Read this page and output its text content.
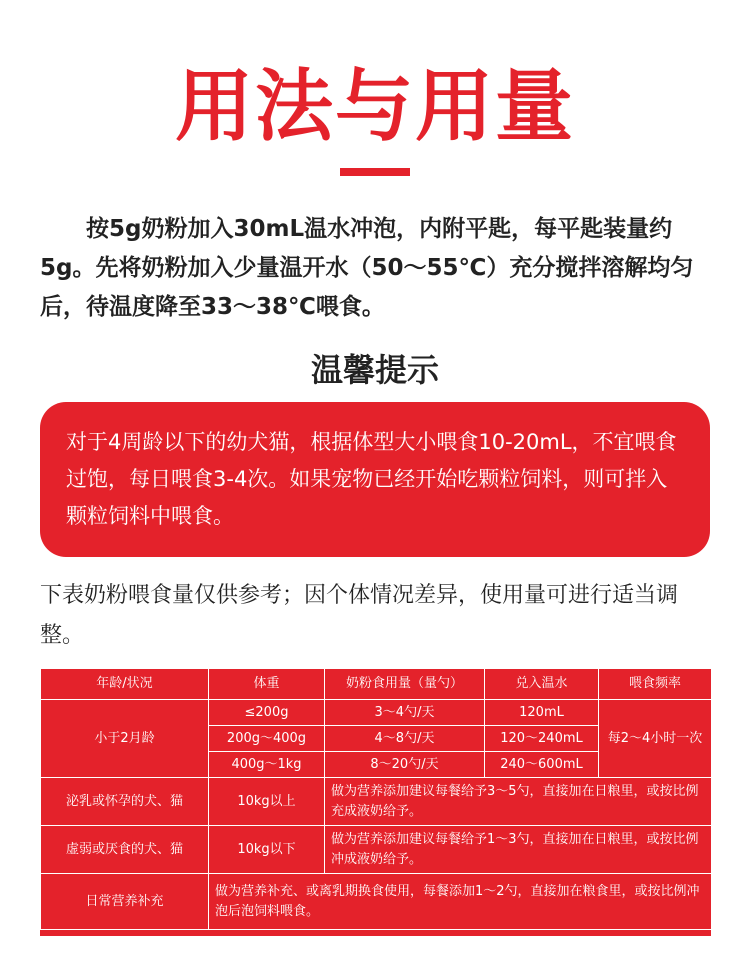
用法与用量

　　按5g奶粉加入30mL温水冲泡，内附平匙，每平匙装量约5g。先将奶粉加入少量温开水（50～55℃）充分搅拌溶解均匀后，待温度降至33～38℃喂食。

温馨提示

对于4周龄以下的幼犬猫，根据体型大小喂食10-20mL，不宜喂食过饱，每日喂食3-4次。如果宠物已经开始吃颗粒饲料，则可拌入颗粒饲料中喂食。

下表奶粉喂食量仅供参考；因个体情况差异，使用量可进行适当调整。
年龄/状况	体重	奶粉食用量（量勺）	兑入温水	喂食频率
小于2月龄	≤200g	3～4勺/天	120mL	每2～4小时一次
	200g～400g	4～8勺/天	120～240mL	
	400g～1kg	8～20勺/天	240～600mL	
泌乳或怀孕的犬、猫	10kg以上	做为营养添加建议每餐给予3～5勺，直接加在日粮里，或按比例充成液奶给予。		
虚弱或厌食的犬、猫	10kg以下	做为营养添加建议每餐给予1～3勺，直接加在日粮里，或按比例冲成液奶给予。		
日常营养补充	做为营养补充、或离乳期换食使用，每餐添加1～2勺，直接加在粮食里，或按比例冲泡后泡饲料喂食。			
